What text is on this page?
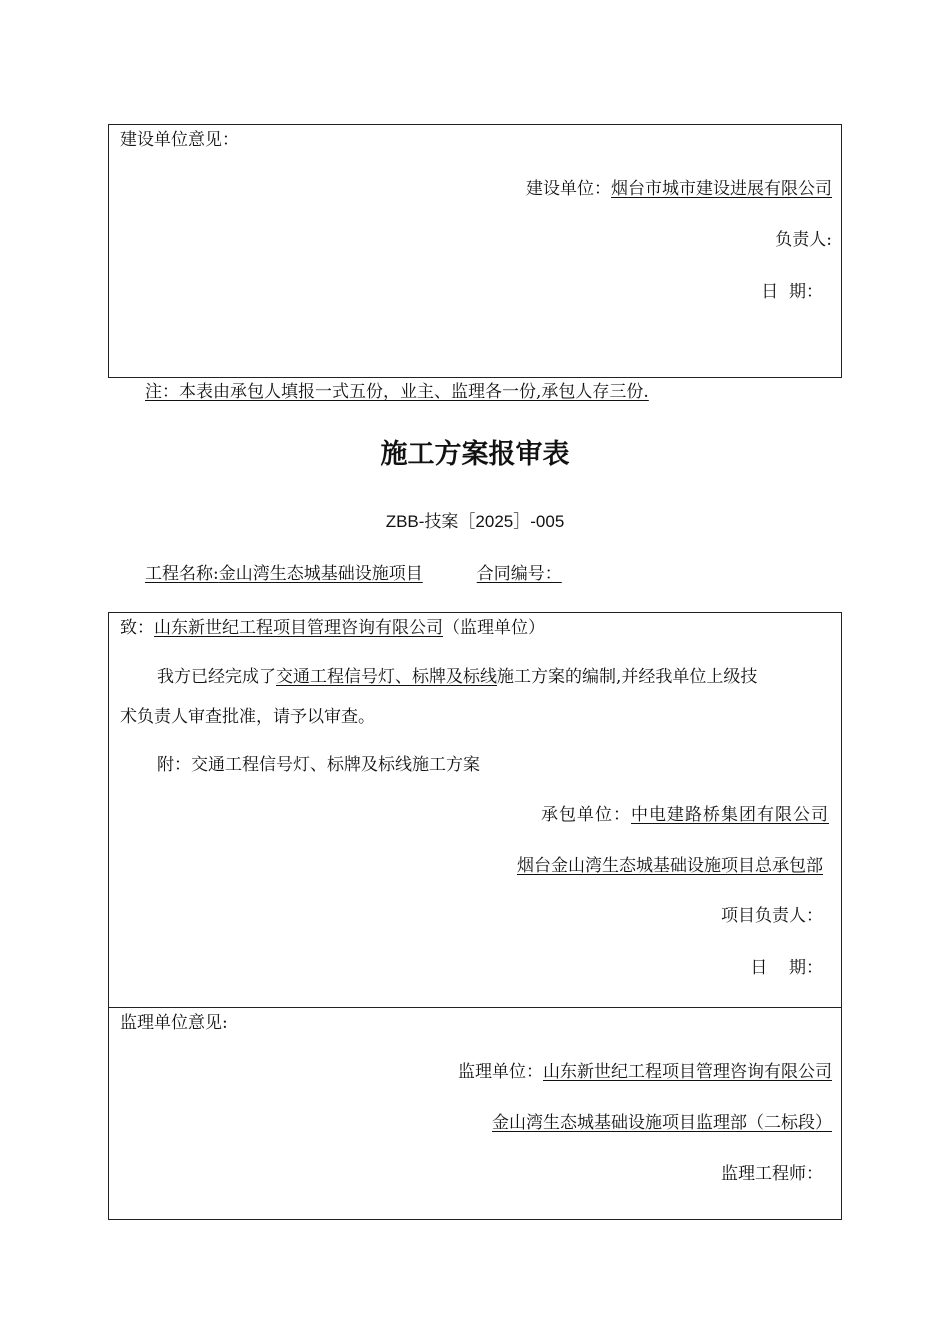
建设单位意见：
建设单位：烟台市城市建设进展有限公司
负责人:
日  期：
注：本表由承包人填报一式五份，业主、监理各一份,承包人存三份.
施工方案报审表
ZBB-技案［2025］-005
工程名称:金山湾生态城基础设施项目	合同编号：
致：山东新世纪工程项目管理咨询有限公司（监理单位）
我方已经完成了交通工程信号灯、标牌及标线施工方案的编制,并经我单位上级技
术负责人审查批准，请予以审查。
附：交通工程信号灯、标牌及标线施工方案
承包单位：中电建路桥集团有限公司
烟台金山湾生态城基础设施项目总承包部
项目负责人：
日    期：
监理单位意见:
监理单位：山东新世纪工程项目管理咨询有限公司
金山湾生态城基础设施项目监理部（二标段）
监理工程师：
